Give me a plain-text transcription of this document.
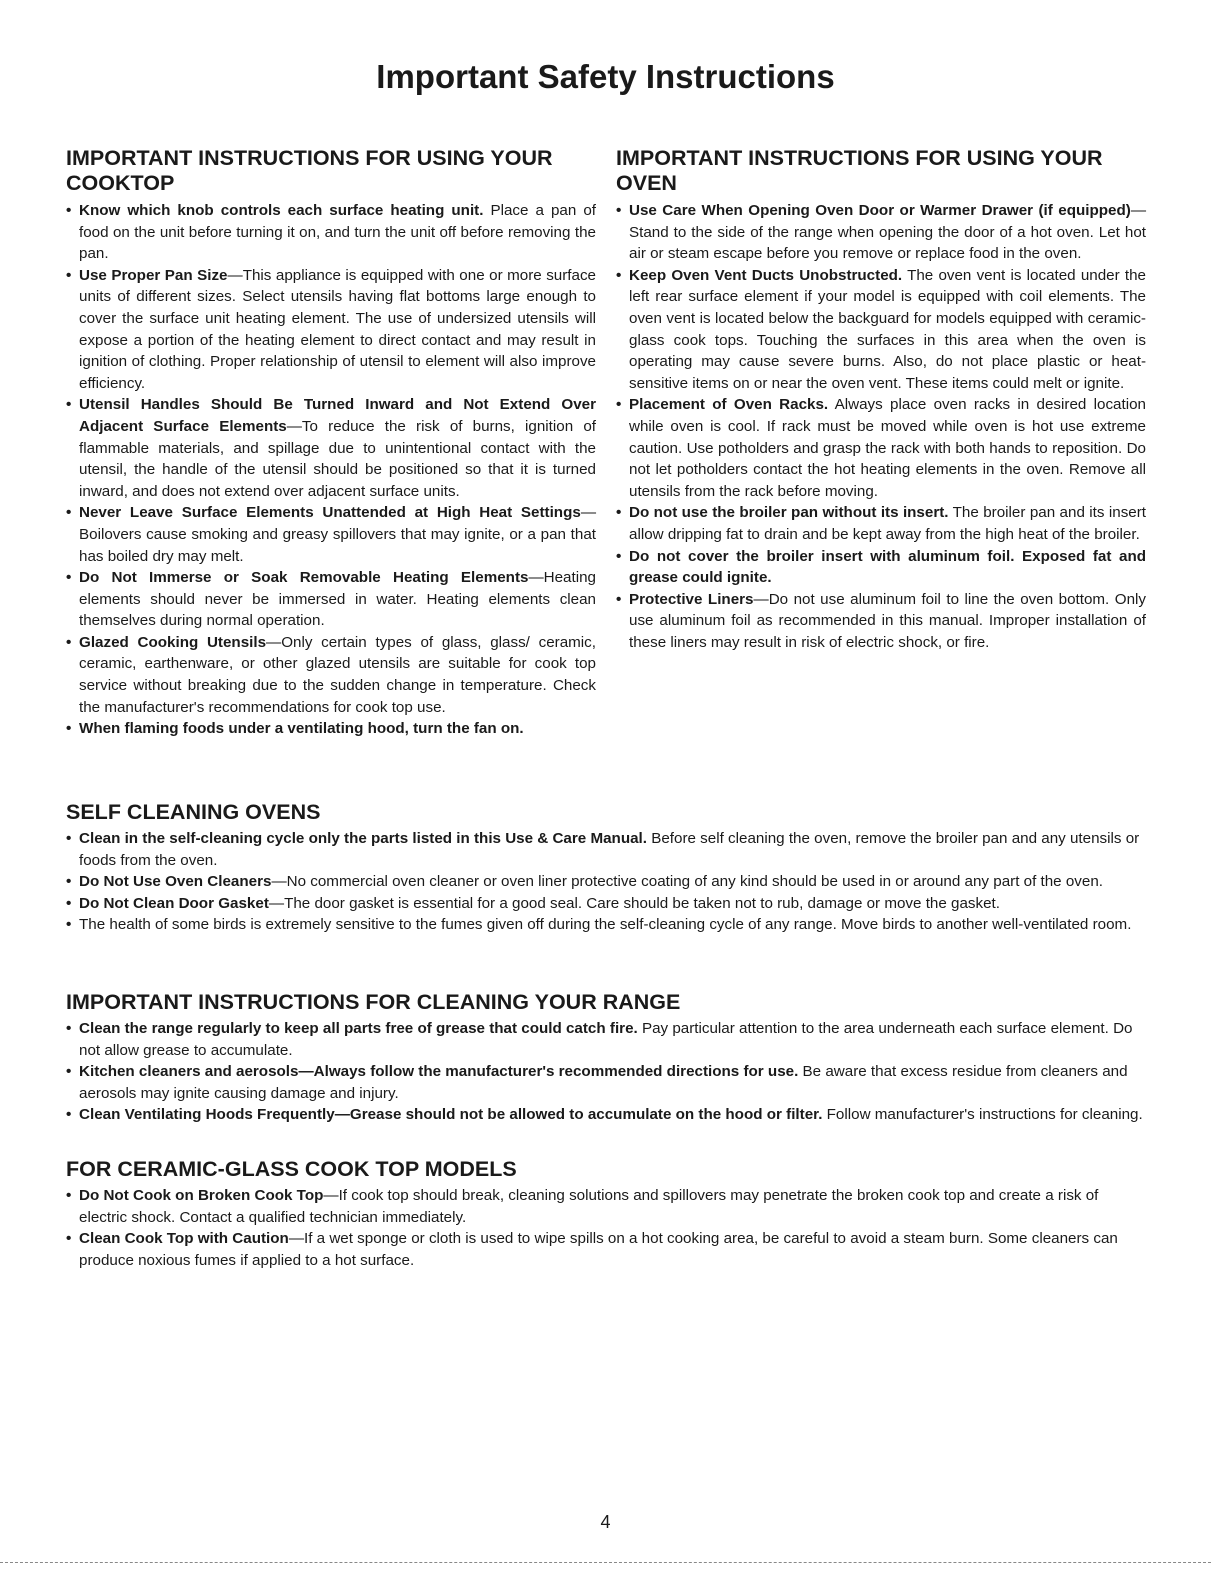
Important Safety Instructions
IMPORTANT INSTRUCTIONS FOR USING YOUR COOKTOP
• Know which knob controls each surface heating unit. Place a pan of food on the unit before turning it on, and turn the unit off before removing the pan.
• Use Proper Pan Size—This appliance is equipped with one or more surface units of different sizes. Select utensils having flat bottoms large enough to cover the surface unit heating element. The use of undersized utensils will expose a portion of the heating element to direct contact and may result in ignition of clothing. Proper relationship of utensil to element will also improve efficiency.
• Utensil Handles Should Be Turned Inward and Not Extend Over Adjacent Surface Elements—To reduce the risk of burns, ignition of flammable materials, and spillage due to unintentional contact with the utensil, the handle of the utensil should be positioned so that it is turned inward, and does not extend over adjacent surface units.
• Never Leave Surface Elements Unattended at High Heat Settings—Boilovers cause smoking and greasy spillovers that may ignite, or a pan that has boiled dry may melt.
• Do Not Immerse or Soak Removable Heating Elements—Heating elements should never be immersed in water. Heating elements clean themselves during normal operation.
• Glazed Cooking Utensils—Only certain types of glass, glass/ ceramic, ceramic, earthenware, or other glazed utensils are suitable for cook top service without breaking due to the sudden change in temperature. Check the manufacturer's recommendations for cook top use.
• When flaming foods under a ventilating hood, turn the fan on.
IMPORTANT INSTRUCTIONS FOR USING YOUR OVEN
• Use Care When Opening Oven Door or Warmer Drawer (if equipped)—Stand to the side of the range when opening the door of a hot oven. Let hot air or steam escape before you remove or replace food in the oven.
• Keep Oven Vent Ducts Unobstructed. The oven vent is located under the left rear surface element if your model is equipped with coil elements. The oven vent is located below the backguard for models equipped with ceramic-glass cook tops. Touching the surfaces in this area when the oven is operating may cause severe burns. Also, do not place plastic or heat-sensitive items on or near the oven vent. These items could melt or ignite.
• Placement of Oven Racks. Always place oven racks in desired location while oven is cool. If rack must be moved while oven is hot use extreme caution. Use potholders and grasp the rack with both hands to reposition. Do not let potholders contact the hot heating elements in the oven. Remove all utensils from the rack before moving.
• Do not use the broiler pan without its insert. The broiler pan and its insert allow dripping fat to drain and be kept away from the high heat of the broiler.
• Do not cover the broiler insert with aluminum foil. Exposed fat and grease could ignite.
• Protective Liners—Do not use aluminum foil to line the oven bottom. Only use aluminum foil as recommended in this manual. Improper installation of these liners may result in risk of electric shock, or fire.
SELF CLEANING OVENS
• Clean in the self-cleaning cycle only the parts listed in this Use & Care Manual. Before self cleaning the oven, remove the broiler pan and any utensils or foods from the oven.
• Do Not Use Oven Cleaners—No commercial oven cleaner or oven liner protective coating of any kind should be used in or around any part of the oven.
• Do Not Clean Door Gasket—The door gasket is essential for a good seal. Care should be taken not to rub, damage or move the gasket.
• The health of some birds is extremely sensitive to the fumes given off during the self-cleaning cycle of any range. Move birds to another well-ventilated room.
IMPORTANT INSTRUCTIONS FOR CLEANING YOUR RANGE
• Clean the range regularly to keep all parts free of grease that could catch fire. Pay particular attention to the area underneath each surface element. Do not allow grease to accumulate.
• Kitchen cleaners and aerosols—Always follow the manufacturer's recommended directions for use. Be aware that excess residue from cleaners and aerosols may ignite causing damage and injury.
• Clean Ventilating Hoods Frequently—Grease should not be allowed to accumulate on the hood or filter. Follow manufacturer's instructions for cleaning.
FOR CERAMIC-GLASS COOK TOP MODELS
• Do Not Cook on Broken Cook Top—If cook top should break, cleaning solutions and spillovers may penetrate the broken cook top and create a risk of electric shock. Contact a qualified technician immediately.
• Clean Cook Top with Caution—If a wet sponge or cloth is used to wipe spills on a hot cooking area, be careful to avoid a steam burn. Some cleaners can produce noxious fumes if applied to a hot surface.
4
